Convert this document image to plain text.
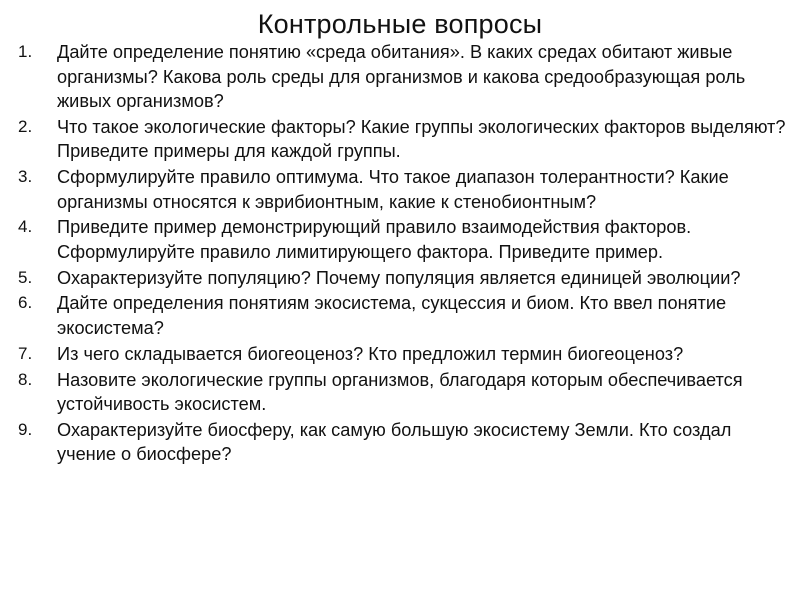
Контрольные вопросы
1.	Дайте определение понятию «среда обитания». В каких средах обитают живые организмы? Какова роль среды для организмов и какова средообразующая роль живых организмов?
2.	Что такое экологические факторы? Какие группы экологических факторов выделяют? Приведите примеры для каждой группы.
3.	Сформулируйте правило оптимума. Что такое диапазон толерантности? Какие организмы относятся к эврибионтным, какие к стенобионтным?
4.	Приведите пример демонстрирующий правило взаимодействия факторов. Сформулируйте правило лимитирующего фактора. Приведите пример.
5.	Охарактеризуйте популяцию? Почему популяция является единицей эволюции?
6.	Дайте определения понятиям экосистема, сукцессия и биом. Кто ввел понятие экосистема?
7.	Из чего складывается биогеоценоз? Кто предложил термин биогеоценоз?
8.	Назовите экологические группы организмов, благодаря которым обеспечивается устойчивость экосистем.
9.	Охарактеризуйте биосферу, как самую большую экосистему Земли. Кто создал учение о биосфере?
